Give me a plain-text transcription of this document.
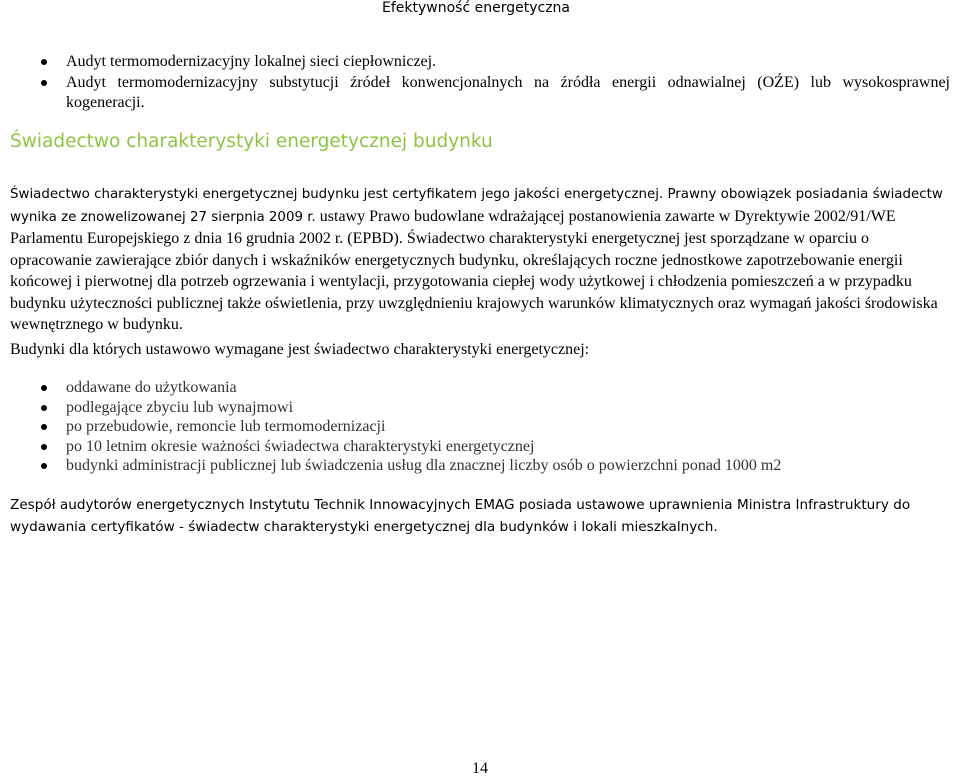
Efektywność energetyczna
Audyt termomodernizacyjny lokalnej sieci ciepłowniczej.
Audyt termomodernizacyjny substytucji źródeł konwencjonalnych na źródła energii odnawialnej (OŹE) lub wysokosprawnej kogeneracji.
Świadectwo charakterystyki energetycznej budynku

Świadectwo charakterystyki energetycznej budynku jest certyfikatem jego jakości energetycznej. Prawny obowiązek posiadania świadectw wynika ze znowelizowanej 27 sierpnia 2009 r. ustawy Prawo budowlane wdrażającej postanowienia zawarte w Dyrektywie 2002/91/WE Parlamentu Europejskiego z dnia 16 grudnia 2002 r. (EPBD). Świadectwo charakterystyki energetycznej jest sporządzane w oparciu o opracowanie zawierające zbiór danych i wskaźników energetycznych budynku, określających roczne jednostkowe zapotrzebowanie energii końcowej i pierwotnej dla potrzeb ogrzewania i wentylacji, przygotowania ciepłej wody użytkowej i chłodzenia pomieszczeń a w przypadku budynku użyteczności publicznej także oświetlenia, przy uwzględnieniu krajowych warunków klimatycznych oraz wymagań jakości środowiska wewnętrznego w budynku.

Budynki dla których ustawowo wymagane jest świadectwo charakterystyki energetycznej:

oddawane do użytkowania
podlegające zbyciu lub wynajmowi
po przebudowie, remoncie lub termomodernizacji
po 10 letnim okresie ważności świadectwa charakterystyki energetycznej
budynki administracji publicznej lub świadczenia usług dla znacznej liczby osób o powierzchni ponad 1000 m2

Zespół audytorów energetycznych Instytutu Technik Innowacyjnych EMAG posiada ustawowe uprawnienia Ministra Infrastruktury do wydawania certyfikatów - świadectw charakterystyki energetycznej dla budynków i lokali mieszkalnych.

14
